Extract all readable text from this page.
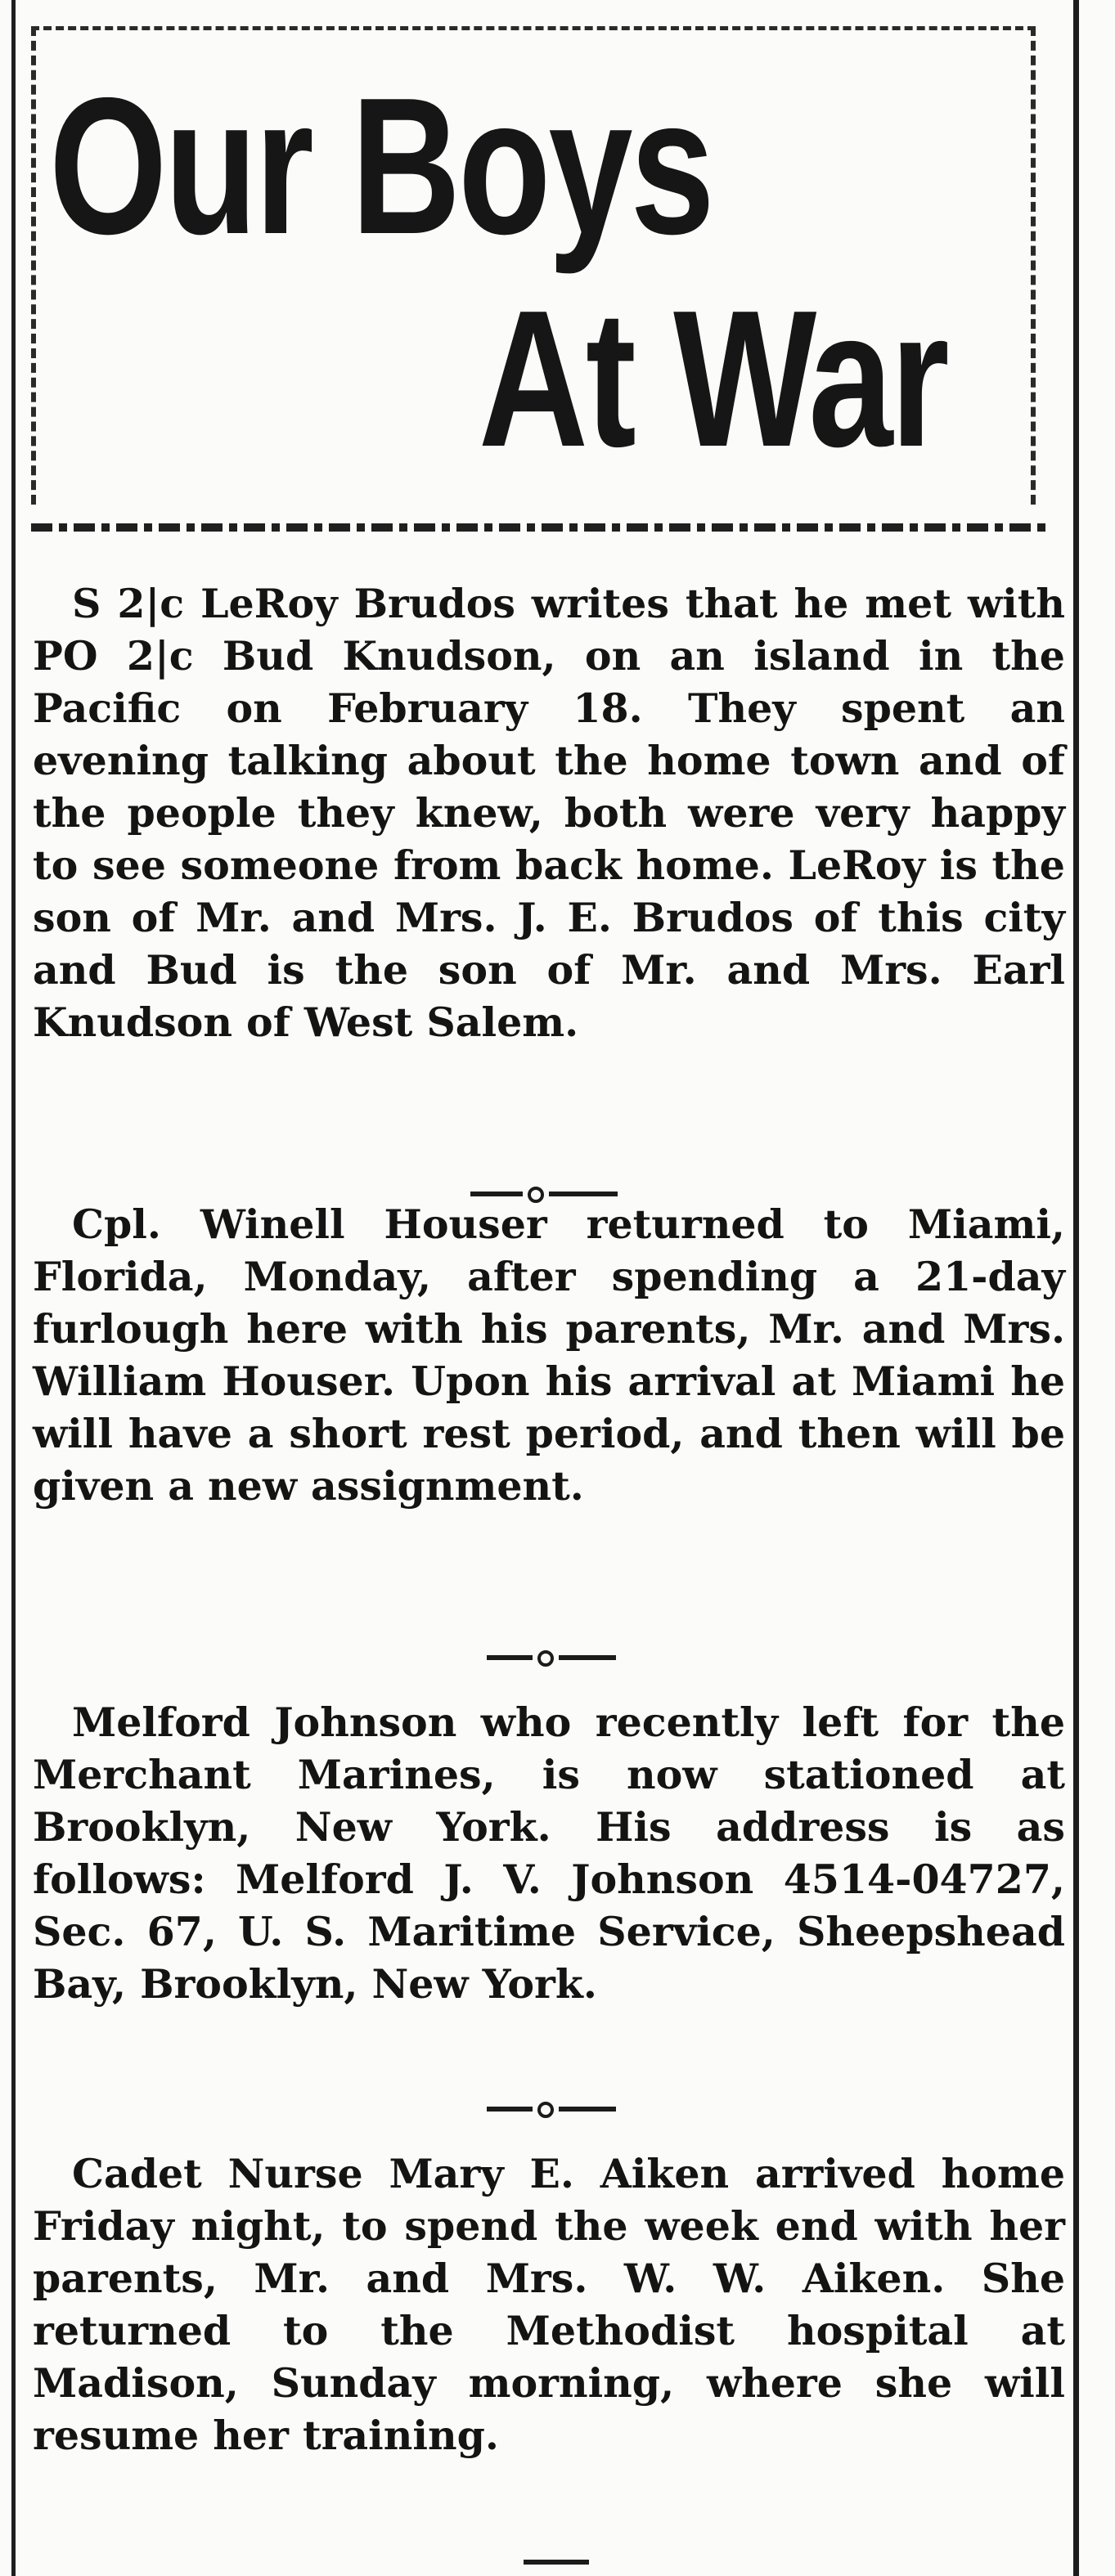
Our Boys
At War

S 2|c LeRoy Brudos writes that he met with PO 2|c Bud Knudson, on an island in the Pacific on February 18. They spent an evening talking about the home town and of the people they knew, both were very happy to see someone from back home. LeRoy is the son of Mr. and Mrs. J. E. Brudos of this city and Bud is the son of Mr. and Mrs. Earl Knudson of West Salem.

Cpl. Winell Houser returned to Miami, Florida, Monday, after spending a 21-day furlough here with his parents, Mr. and Mrs. William Houser. Upon his arrival at Miami he will have a short rest period, and then will be given a new assignment.

Melford Johnson who recently left for the Merchant Marines, is now stationed at Brooklyn, New York. His address is as follows: Melford J. V. Johnson 4514-04727, Sec. 67, U. S. Maritime Service, Sheepshead Bay, Brooklyn, New York.

Cadet Nurse Mary E. Aiken arrived home Friday night, to spend the week end with her parents, Mr. and Mrs. W. W. Aiken. She returned to the Methodist hospital at Madison, Sunday morning, where she will resume her training.
